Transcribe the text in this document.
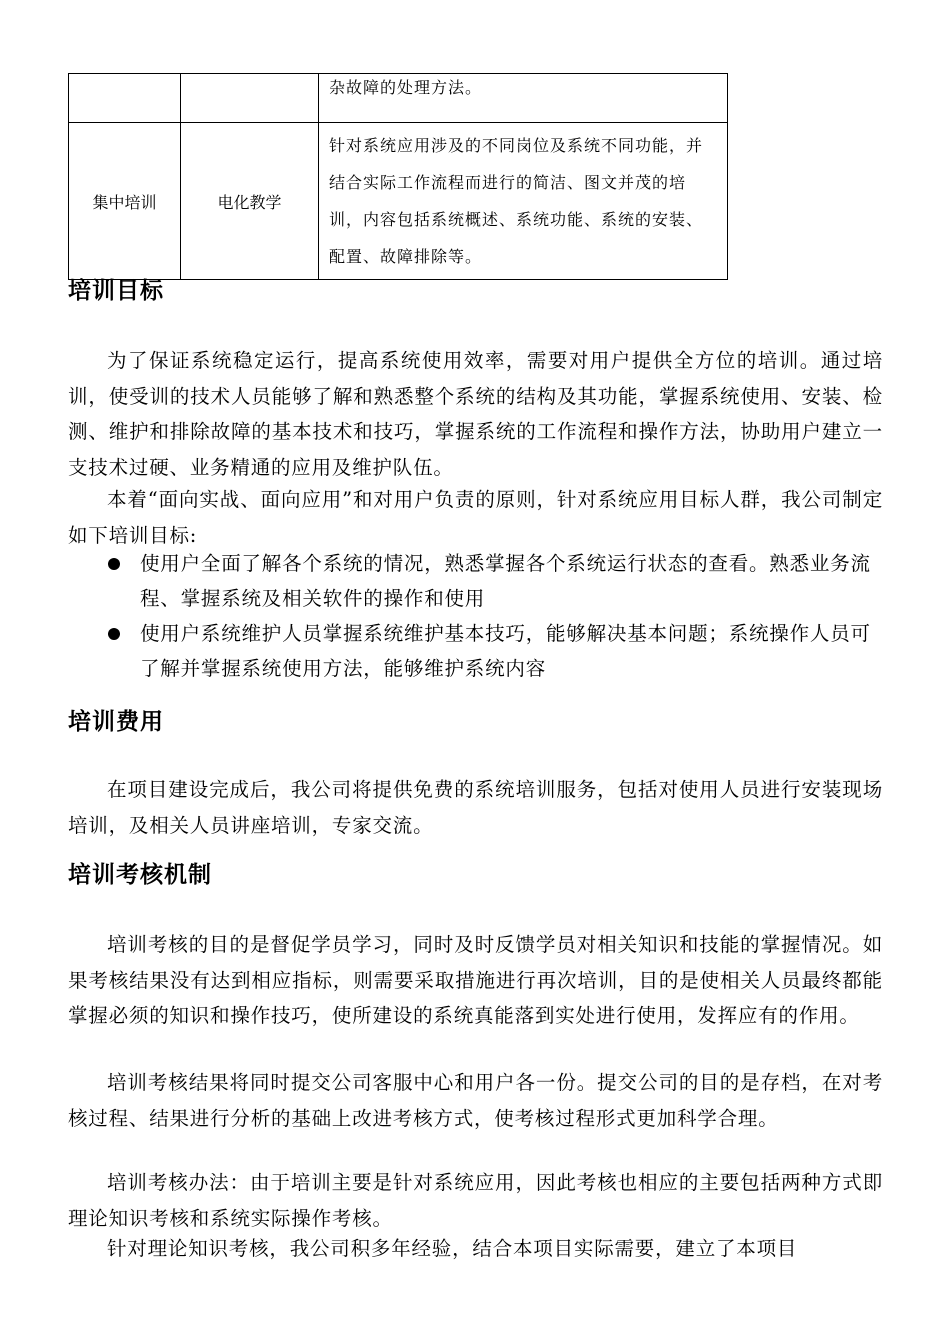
		杂故障的处理方法。
集中培训	电化教学	针对系统应用涉及的不同岗位及系统不同功能，并结合实际工作流程而进行的简洁、图文并茂的培训，内容包括系统概述、系统功能、系统的安装、配置、故障排除等。
培训目标

为了保证系统稳定运行，提高系统使用效率，需要对用户提供全方位的培训。通过培训，使受训的技术人员能够了解和熟悉整个系统的结构及其功能，掌握系统使用、安装、检测、维护和排除故障的基本技术和技巧，掌握系统的工作流程和操作方法，协助用户建立一支技术过硬、业务精通的应用及维护队伍。

本着“面向实战、面向应用”和对用户负责的原则，针对系统应用目标人群，我公司制定如下培训目标:

使用户全面了解各个系统的情况，熟悉掌握各个系统运行状态的查看。熟悉业务流程、掌握系统及相关软件的操作和使用
使用户系统维护人员掌握系统维护基本技巧，能够解决基本问题；系统操作人员可了解并掌握系统使用方法，能够维护系统内容
培训费用

在项目建设完成后，我公司将提供免费的系统培训服务，包括对使用人员进行安装现场培训，及相关人员讲座培训，专家交流。

培训考核机制

培训考核的目的是督促学员学习，同时及时反馈学员对相关知识和技能的掌握情况。如果考核结果没有达到相应指标，则需要采取措施进行再次培训，目的是使相关人员最终都能掌握必须的知识和操作技巧，使所建设的系统真能落到实处进行使用，发挥应有的作用。

培训考核结果将同时提交公司客服中心和用户各一份。提交公司的目的是存档，在对考核过程、结果进行分析的基础上改进考核方式，使考核过程形式更加科学合理。

培训考核办法：由于培训主要是针对系统应用，因此考核也相应的主要包括两种方式即理论知识考核和系统实际操作考核。

针对理论知识考核，我公司积多年经验，结合本项目实际需要，建立了本项目
